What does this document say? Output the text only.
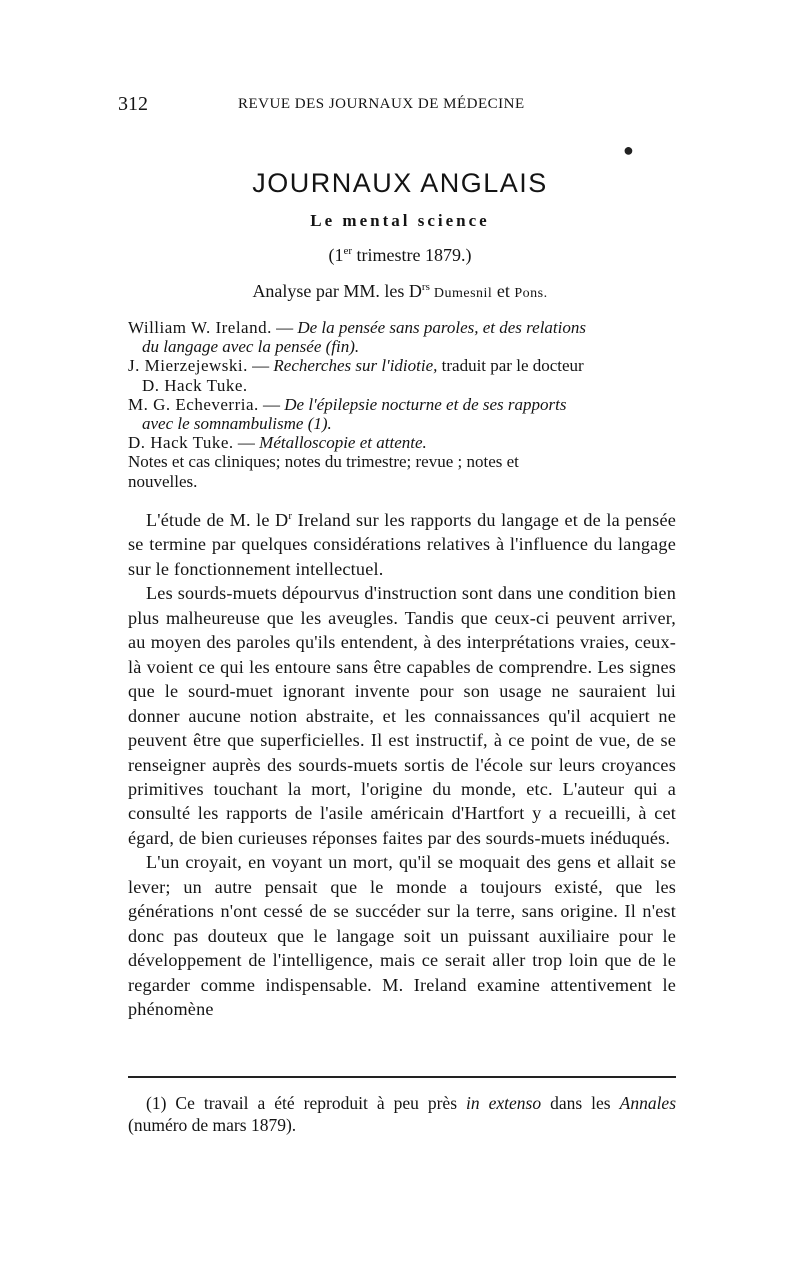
312	REVUE DES JOURNAUX DE MÉDECINE
●
JOURNAUX ANGLAIS
Le mental science
(1er trimestre 1879.)
Analyse par MM. les $D^{rs}$ Dumesnil et Pons.
William W. Ireland. — De la pensée sans paroles, et des relations
du langage avec la pensée (fin).
J. Mierzejewski. — Recherches sur l'idiotie, traduit par le docteur
D. Hack Tuke.
M. G. Echeverria. — De l'épilepsie nocturne et de ses rapports
avec le somnambulisme (1).
D. Hack Tuke. — Métalloscopie et attente.
Notes et cas cliniques; notes du trimestre; revue ; notes et
nouvelles.

L'étude de M. le $D^r$ Ireland sur les rapports du langage et de la pensée se termine par quelques considérations relatives à l'influence du langage sur le fonctionnement intellectuel.

Les sourds-muets dépourvus d'instruction sont dans une condition bien plus malheureuse que les aveugles. Tandis que ceux-ci peuvent arriver, au moyen des paroles qu'ils entendent, à des interprétations vraies, ceux-là voient ce qui les entoure sans être capables de comprendre. Les signes que le sourd-muet ignorant invente pour son usage ne sauraient lui donner aucune notion abstraite, et les connaissances qu'il acquiert ne peuvent être que superficielles. Il est instructif, à ce point de vue, de se renseigner auprès des sourds-muets sortis de l'école sur leurs croyances primitives touchant la mort, l'origine du monde, etc. L'auteur qui a consulté les rapports de l'asile américain d'Hartfort y a recueilli, à cet égard, de bien curieuses réponses faites par des sourds-muets inéduqués.

L'un croyait, en voyant un mort, qu'il se moquait des gens et allait se lever; un autre pensait que le monde a toujours existé, que les générations n'ont cessé de se succéder sur la terre, sans origine. Il n'est donc pas douteux que le langage soit un puissant auxiliaire pour le développement de l'intelligence, mais ce serait aller trop loin que de le regarder comme indispensable. M. Ireland examine attentivement le phénomène

(1) Ce travail a été reproduit à peu près in extenso dans les Annales (numéro de mars 1879).
